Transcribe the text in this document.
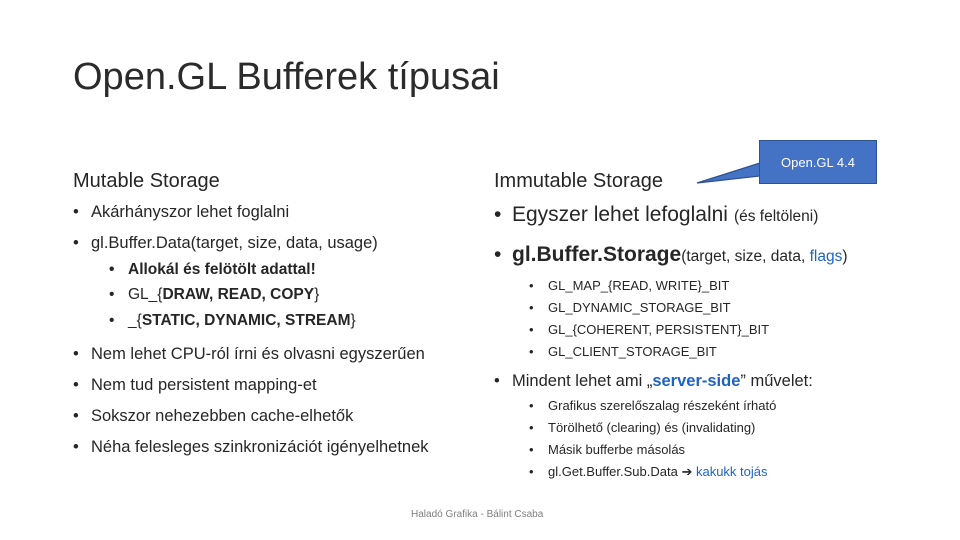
Open.GL Bufferek típusai
Mutable Storage
• Akárhányszor lehet foglalni
• gl.Buffer.Data(target, size, data, usage)
• Allokál és felötölt adattal!
• GL_{DRAW, READ, COPY}
• _{STATIC, DYNAMIC, STREAM}
• Nem lehet CPU-ról írni és olvasni egyszerűen
• Nem tud persistent mapping-et
• Sokszor nehezebben cache-elhetők
• Néha felesleges szinkronizációt igényelhetnek
Immutable Storage
Open.GL 4.4
• Egyszer lehet lefoglalni (és feltöleni)
• gl.Buffer.Storage(target, size, data, flags)
• GL_MAP_{READ, WRITE}_BIT
• GL_DYNAMIC_STORAGE_BIT
• GL_{COHERENT, PERSISTENT}_BIT
• GL_CLIENT_STORAGE_BIT
• Mindent lehet ami „server-side” művelet:
• Grafikus szerelőszalag részeként írható
• Törölhető (clearing) és (invalidating)
• Másik bufferbe másolás
• gl.Get.Buffer.Sub.Data ➔ kakukk tojás
Haladó Grafika - Bálint Csaba
